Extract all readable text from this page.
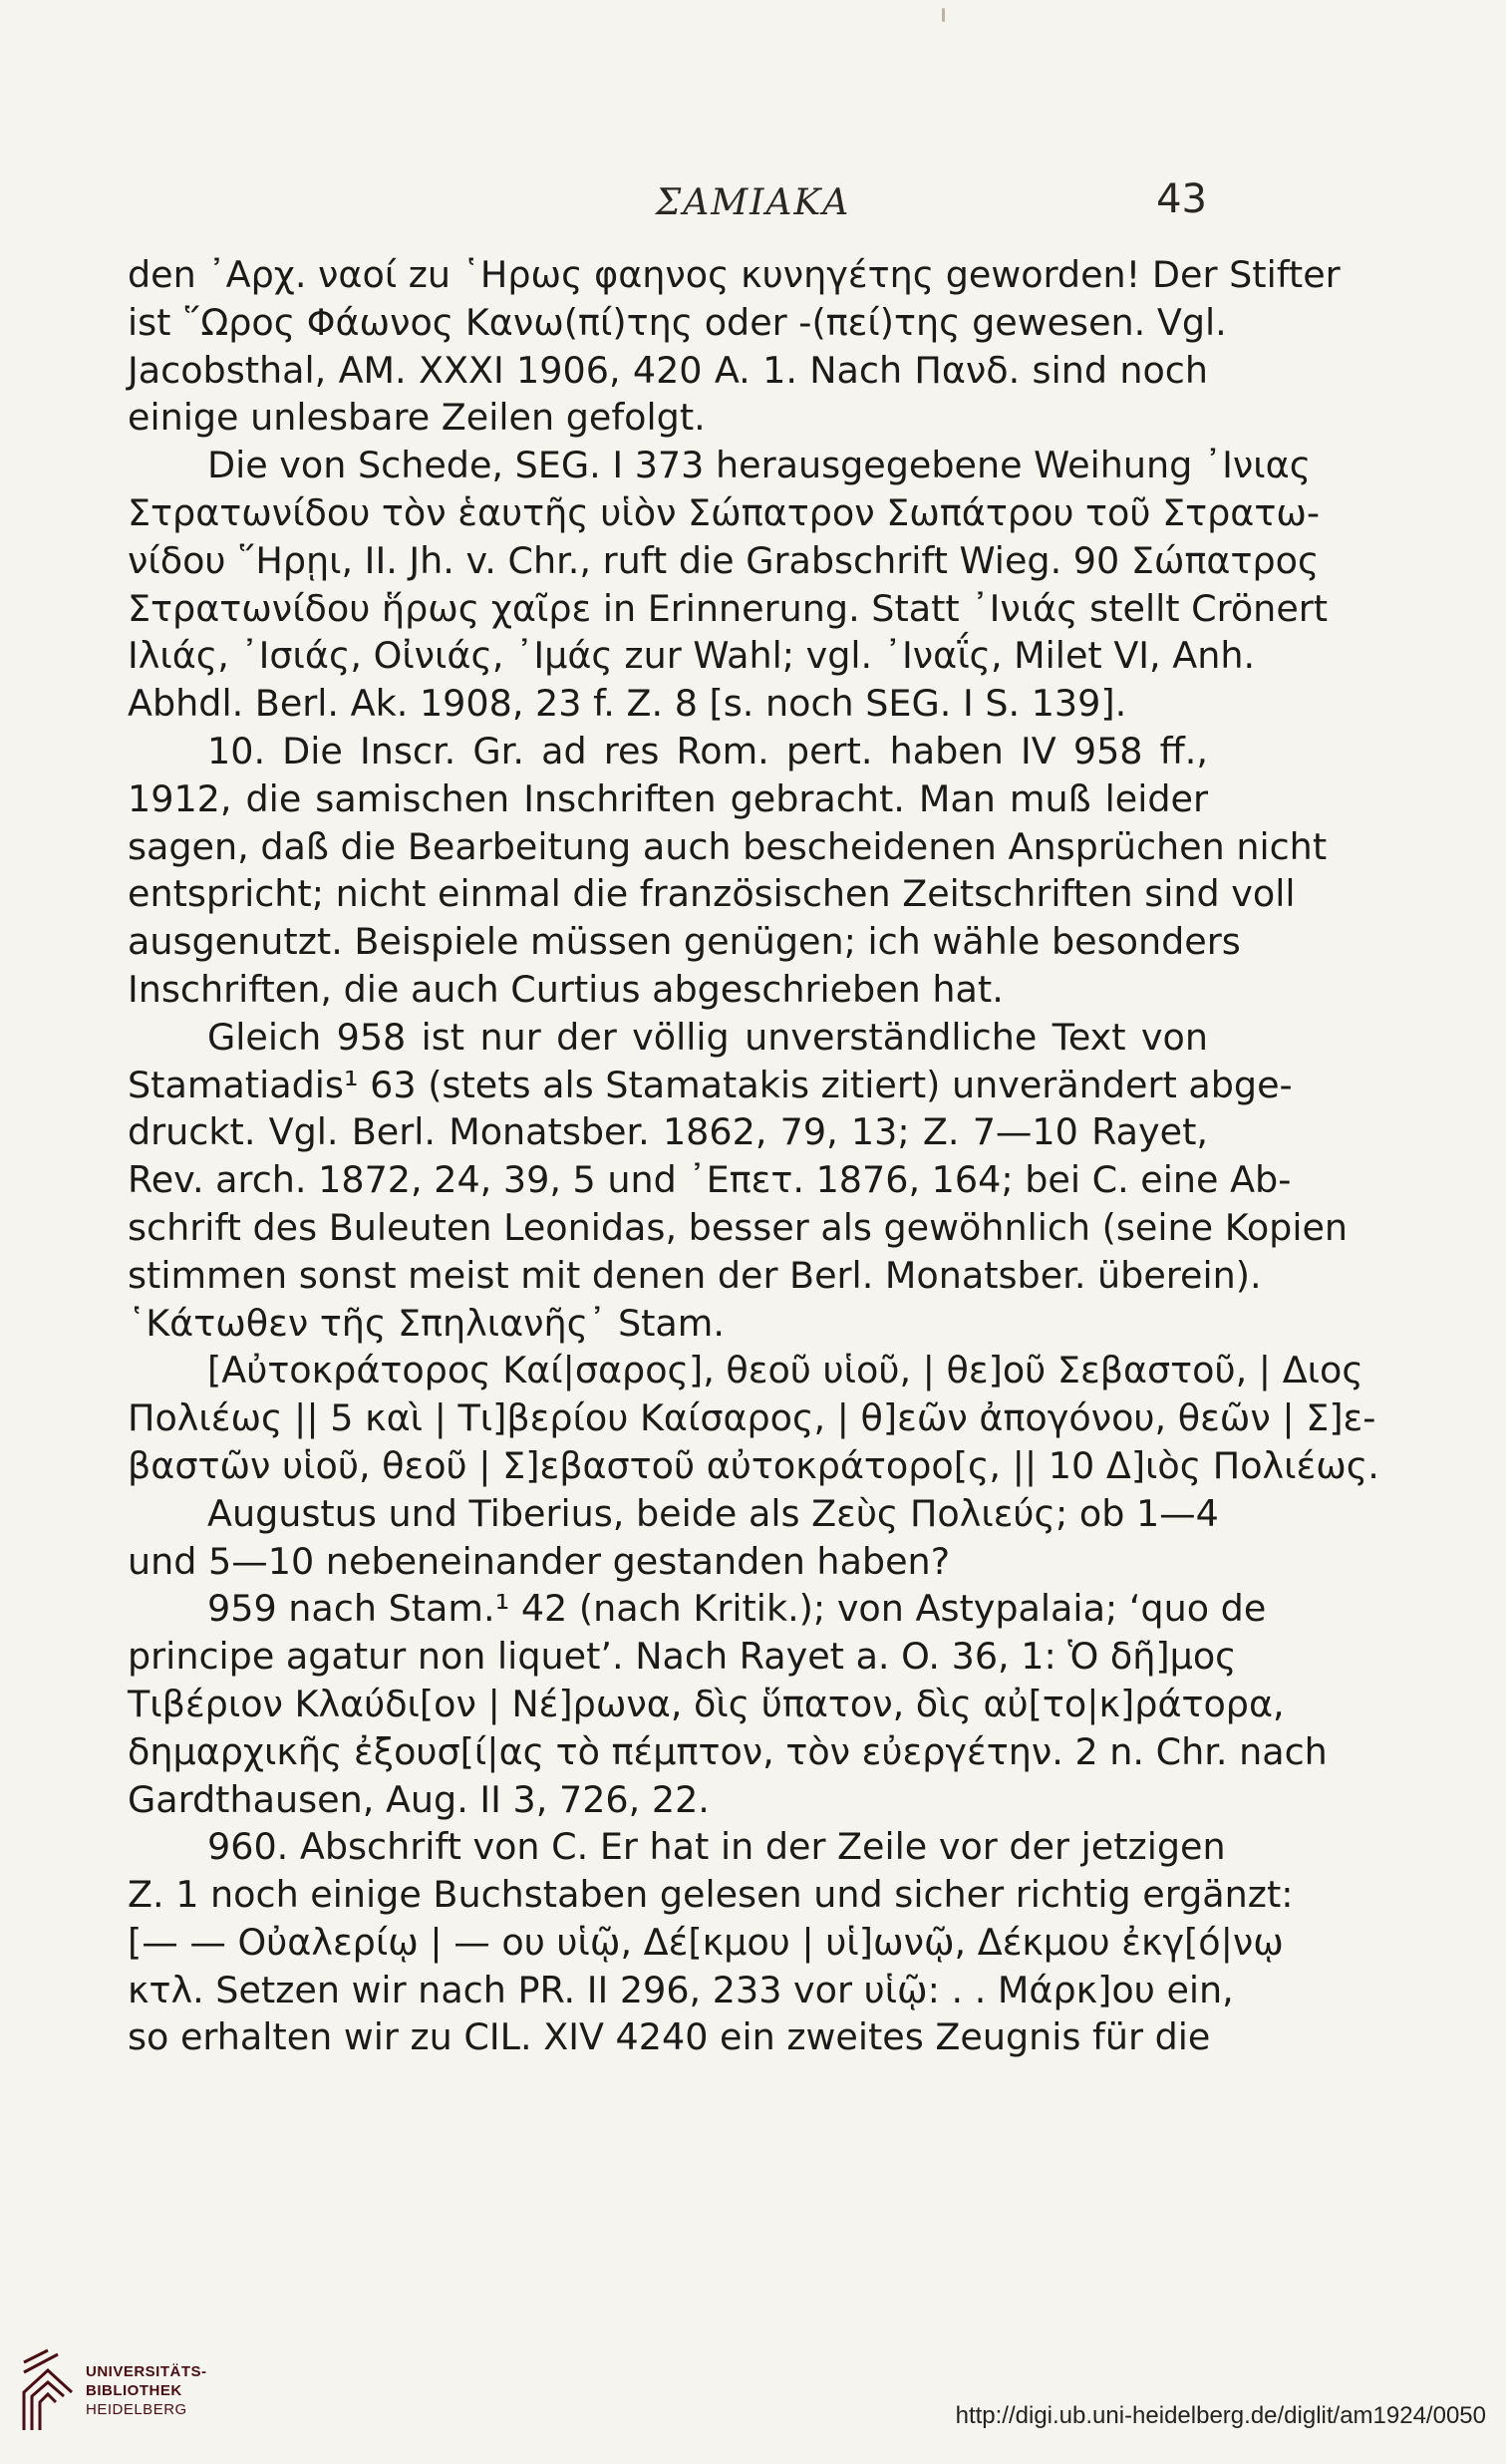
ΣΑΜΙΑΚΑ	43
den ᾿Αρχ. ναοί zu ῾Ηρως φαηνος κυνηγέτης geworden! Der Stifter
ist ῞Ωρος Φάωνος Κανω(πί)της oder -(πεί)της gewesen. Vgl.
Jacobsthal, AM. XXXI 1906, 420 A. 1. Nach Πανδ. sind noch
einige unlesbare Zeilen gefolgt.
Die von Schede, SEG. I 373 herausgegebene Weihung ᾿Ινιας
Στρατωνίδου τὸν ἑαυτῆς υἱὸν Σώπατρον Σωπάτρου τοῦ Στρατω-
νίδου ῞Ηρῃι, II. Jh. v. Chr., ruft die Grabschrift Wieg. 90 Σώπατρος
Στρατωνίδου ἥρως χαῖρε in Erinnerung. Statt ᾿Ινιάς stellt Crönert
Ιλιάς, ᾿Ισιάς, Οἰνιάς, ᾿Ιμάς zur Wahl; vgl. ᾿Ιναΐς, Milet VI, Anh.
Abhdl. Berl. Ak. 1908, 23 f. Z. 8 [s. noch SEG. I S. 139].
10. Die Inscr. Gr. ad res Rom. pert. haben IV 958 ff.,
1912, die samischen Inschriften gebracht. Man muß leider
sagen, daß die Bearbeitung auch bescheidenen Ansprüchen nicht
entspricht; nicht einmal die französischen Zeitschriften sind voll
ausgenutzt. Beispiele müssen genügen; ich wähle besonders
Inschriften, die auch Curtius abgeschrieben hat.
Gleich 958 ist nur der völlig unverständliche Text von
Stamatiadis¹ 63 (stets als Stamatakis zitiert) unverändert abge-
druckt. Vgl. Berl. Monatsber. 1862, 79, 13; Z. 7—10 Rayet,
Rev. arch. 1872, 24, 39, 5 und ᾿Επετ. 1876, 164; bei C. eine Ab-
schrift des Buleuten Leonidas, besser als gewöhnlich (seine Kopien
stimmen sonst meist mit denen der Berl. Monatsber. überein).
῾Κάτωθεν τῆς Σπηλιανῆς᾿ Stam.
[Αὐτοκράτορος Καί|σαρος], θεοῦ υἱοῦ, | θε]οῦ Σεβαστοῦ, | Διος
Πολιέως || 5 καὶ | Τι]βερίου Καίσαρος, | θ]εῶν ἀπογόνου, θεῶν | Σ]ε-
βαστῶν υἱοῦ, θεοῦ | Σ]εβαστοῦ αὐτοκράτορο[ς, || 10 Δ]ιὸς Πολιέως.
Augustus und Tiberius, beide als Ζεὺς Πολιεύς; ob 1—4
und 5—10 nebeneinander gestanden haben?
959 nach Stam.¹ 42 (nach Kritik.); von Astypalaia; ‘quo de
principe agatur non liquet’. Nach Rayet a. O. 36, 1: Ὁ δῆ]μος
Τιβέριον Κλαύδι[ον | Νέ]ρωνα, δὶς ὕπατον, δὶς αὐ[το|κ]ράτορα,
δημαρχικῆς ἐξουσ[ί|ας τὸ πέμπτον, τὸν εὐεργέτην. 2 n. Chr. nach
Gardthausen, Aug. II 3, 726, 22.
960. Abschrift von C. Er hat in der Zeile vor der jetzigen
Z. 1 noch einige Buchstaben gelesen und sicher richtig ergänzt:
[— — Οὐαλερίῳ | — ου υἱῷ, Δέ[κμου | υἱ]ωνῷ, Δέκμου ἐκγ[ό|νῳ
κτλ. Setzen wir nach PR. II 296, 233 vor υἱῷ: . . Μάρκ]ου ein,
so erhalten wir zu CIL. XIV 4240 ein zweites Zeugnis für die
UNIVERSITÄTS-
BIBLIOTHEK
HEIDELBERG	http://digi.ub.uni-heidelberg.de/diglit/am1924/0050
